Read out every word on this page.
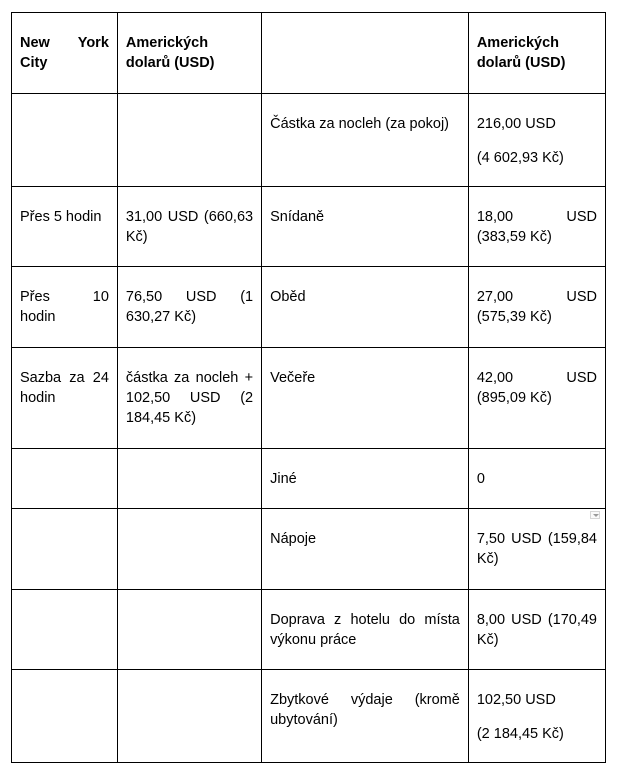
New York City	Amerických dolarů (USD)		Amerických dolarů (USD)
		Částka za nocleh (za pokoj)	216,00 USD
(4 602,93 Kč)

Přes 5 hodin	31,00 USD (660,63 Kč)	Snídaně	18,00 USD (383,59 Kč)
Přes 10 hodin	76,50 USD (1 630,27 Kč)	Oběd	27,00 USD (575,39 Kč)
Sazba za 24 hodin	částka za nocleh + 102,50 USD (2 184,45 Kč)	Večeře	42,00 USD (895,09 Kč)
		Jiné	0
		Nápoje	7,50 USD (159,84 Kč)
		Doprava z hotelu do místa výkonu práce	8,00 USD (170,49 Kč)
		Zbytkové výdaje (kromě ubytování)	102,50 USD
(2 184,45 Kč)
